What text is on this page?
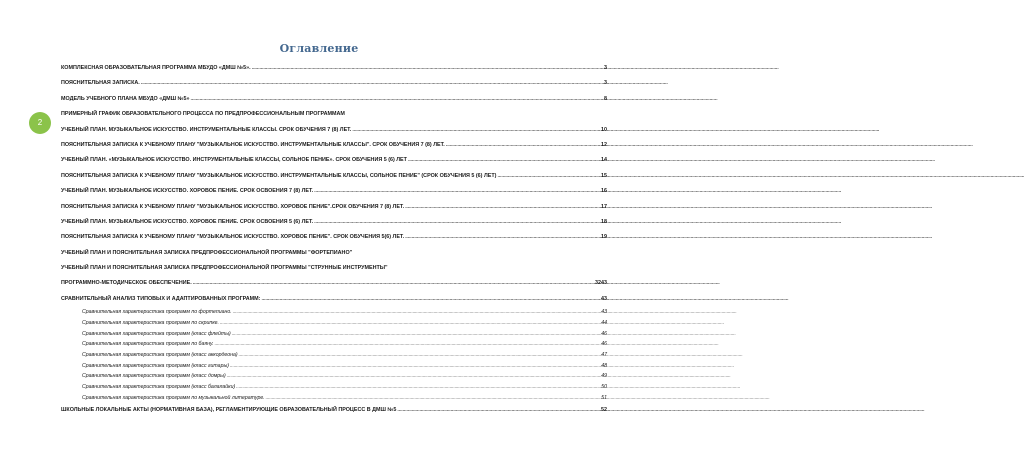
Оглавление
2
КОМПЛЕКСНАЯ ОБРАЗОВАТЕЛЬНАЯ ПРОГРАММА МБУДО «ДМШ №5». .....	3
ПОЯСНИТЕЛЬНАЯ ЗАПИСКА. .....	3
МОДЕЛЬ УЧЕБНОГО ПЛАНА МБУДО «ДМШ №5» .....	8
ПРИМЕРНЫЙ ГРАФИК ОБРАЗОВАТЕЛЬНОГО ПРОЦЕССА ПО ПРЕДПРОФЕССИОНАЛЬНЫМ ПРОГРАММАМ
УЧЕБНЫЙ ПЛАН. МУЗЫКАЛЬНОЕ ИСКУССТВО. ИНСТРУМЕНТАЛЬНЫЕ КЛАССЫ. СРОК ОБУЧЕНИЯ 7 (8) ЛЕТ. .....	10
ПОЯСНИТЕЛЬНАЯ ЗАПИСКА К УЧЕБНОМУ ПЛАНУ "МУЗЫКАЛЬНОЕ ИСКУССТВО. ИНСТРУМЕНТАЛЬНЫЕ КЛАССЫ". СРОК ОБУЧЕНИЯ 7 (8) ЛЕТ. .....	12
УЧЕБНЫЙ ПЛАН. «МУЗЫКАЛЬНОЕ ИСКУССТВО. ИНСТРУМЕНТАЛЬНЫЕ КЛАССЫ, СОЛЬНОЕ ПЕНИЕ». СРОК ОБУЧЕНИЯ 5 (6) ЛЕТ .....	14
ПОЯСНИТЕЛЬНАЯ ЗАПИСКА К УЧЕБНОМУ ПЛАНУ "МУЗЫКАЛЬНОЕ ИСКУССТВО. ИНСТРУМЕНТАЛЬНЫЕ КЛАССЫ, СОЛЬНОЕ ПЕНИЕ" (СРОК ОБУЧЕНИЯ 5 (6) ЛЕТ) .....	15
УЧЕБНЫЙ ПЛАН. МУЗЫКАЛЬНОЕ ИСКУССТВО. ХОРОВОЕ ПЕНИЕ. СРОК ОСВОЕНИЯ 7 (8) ЛЕТ. .....	16
ПОЯСНИТЕЛЬНАЯ ЗАПИСКА К УЧЕБНОМУ ПЛАНУ "МУЗЫКАЛЬНОЕ ИСКУССТВО. ХОРОВОЕ ПЕНИЕ".СРОК ОБУЧЕНИЯ 7 (8) ЛЕТ. .....	17
УЧЕБНЫЙ ПЛАН. МУЗЫКАЛЬНОЕ ИСКУССТВО. ХОРОВОЕ ПЕНИЕ. СРОК ОСВОЕНИЯ 5 (6) ЛЕТ. .....	18
ПОЯСНИТЕЛЬНАЯ ЗАПИСКА К УЧЕБНОМУ ПЛАНУ "МУЗЫКАЛЬНОЕ ИСКУССТВО. ХОРОВОЕ ПЕНИЕ". СРОК ОБУЧЕНИЯ 5(6) ЛЕТ. .....	19
УЧЕБНЫЙ ПЛАН И ПОЯСНИТЕЛЬНАЯ ЗАПИСКА ПРЕДПРОФЕССИОНАЛЬНОЙ ПРОГРАММЫ "ФОРТЕПИАНО"
УЧЕБНЫЙ ПЛАН И ПОЯСНИТЕЛЬНАЯ ЗАПИСКА ПРЕДПРОФЕССИОНАЛЬНОЙ ПРОГРАММЫ "СТРУННЫЕ ИНСТРУМЕНТЫ"
ПРОГРАММНО-МЕТОДИЧЕСКОЕ ОБЕСПЕЧЕНИЕ. .....	3243
СРАВНИТЕЛЬНЫЙ АНАЛИЗ ТИПОВЫХ И АДАПТИРОВАННЫХ ПРОГРАММ: .....	43
Сравнительная характеристика программ по фортепиано. .....	43
Сравнительная характеристика программ по скрипке. .....	44
Сравнительная характеристика программ (класс флейты) .....	46
Сравнительная характеристика программ по баяну. .....	46
Сравнительная характеристика программ (класс аккордеона) .....	47
Сравнительная характеристика программ (класс гитары) .....	48
Сравнительная характеристика программ (класс домры) .....	49
Сравнительная характеристика программ (класс балалайки) .....	50
Сравнительная характеристика программ по музыкальной литературе. .....	51
ШКОЛЬНЫЕ ЛОКАЛЬНЫЕ АКТЫ (НОРМАТИВНАЯ БАЗА), РЕГЛАМЕНТИРУЮЩИЕ ОБРАЗОВАТЕЛЬНЫЙ ПРОЦЕСС В ДМШ №5 .....	52
